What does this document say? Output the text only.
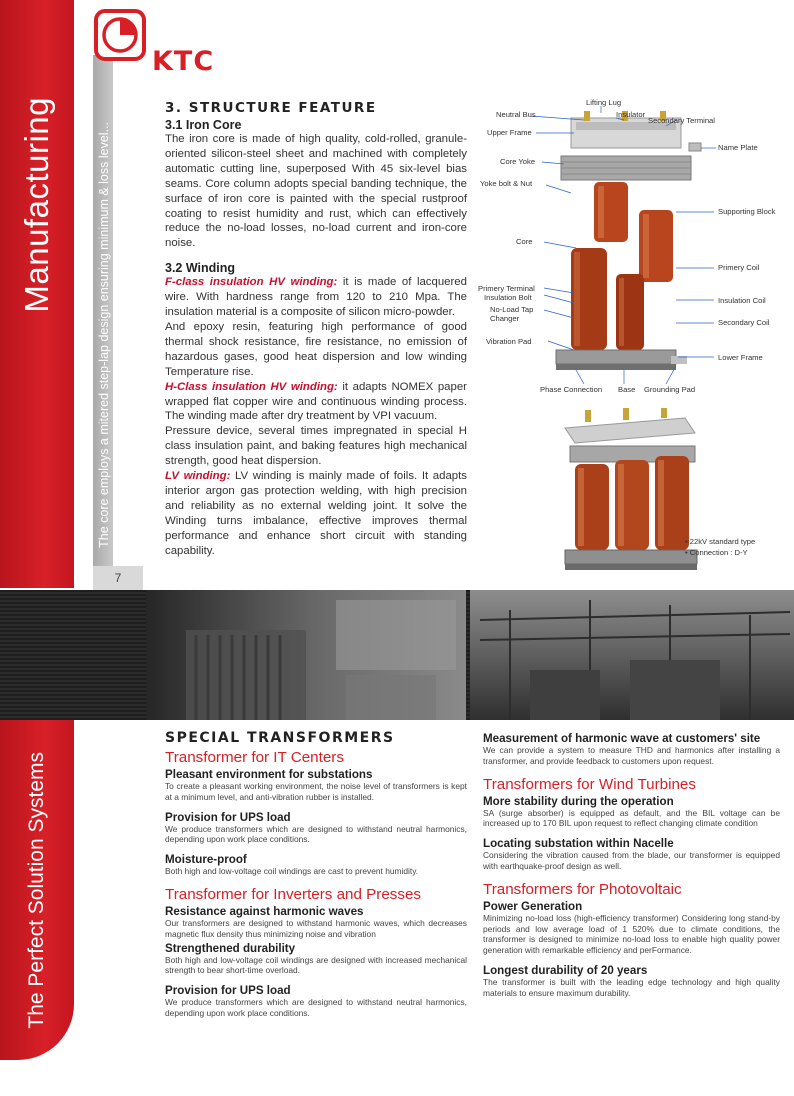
Manufacturing	The core employs a mitered step-lap design ensuring minimum & loss level...
7
KTC

3. STRUCTURE FEATURE

3.1 Iron Core

The iron core is made of high quality, cold-rolled, granule-oriented silicon-steel sheet and machined with completely automatic cutting line, superposed With 45 six-level bias seams. Core column adopts special banding technique, the surface of iron core is painted with the special rustproof coating to resist humidity and rust, which can effectively reduce the no-load losses, no-load current and iron-core noise.

3.2 Winding

F-class insulation HV winding: it is made of lacquered wire. With hardness range from 120 to 210 Mpa. The insulation material is a composite of silicon micro-powder.

And epoxy resin, featuring high performance of good thermal shock resistance, fire resistance, no emission of hazardous gases, good heat dispersion and low winding Temperature rise.

H-Class insulation HV winding: it adapts NOMEX paper wrapped flat copper wire and continuous winding process. The winding made after dry treatment by VPI vacuum.

Pressure device, several times impregnated in special H class insulation paint, and baking features high mechanical strength, good heat dispersion.

LV winding: LV winding is mainly made of foils. It adapts interior argon gas protection welding, with high precision and reliability as no external welding joint. It solve the Winding turns imbalance, effective improves thermal performance and enhance short circuit with standing capability.

Lifting Lug
Neutral Bus	Insulator
Secondary Terminal
Upper Frame
Name Plate
Core Yoke
Yoke bolt & Nut
Supporting Block
Core
Primery Coil
Primery Terminal
Insulation Bolt	Insulation Coil
No-Load Tap
Changer	Secondary Coil
Vibration Pad
Lower Frame
Phase Connection Base Grounding Pad
• 22kV standard type
• Connection : D-Y
The Perfect Solution Systems

SPECIAL TRANSFORMERS

Transformer for IT Centers

Pleasant environment for substations

To create a pleasant working environment, the noise level of transformers is kept at a minimum level, and anti-vibration rubber is installed.

Provision for UPS load

We produce transformers which are designed to withstand neutral harmonics, depending upon work place conditions.

Moisture-proof

Both high and low-voltage coil windings are cast to prevent humidity.

Transformer for Inverters and Presses

Resistance against harmonic waves

Our transformers are designed to withstand harmonic waves, which decreases magnetic flux density thus minimizing noise and vibration

Strengthened durability

Both high and low-voltage coil windings are designed with increased mechanical strength to bear short-time overload.

Provision for UPS load

We produce transformers which are designed to withstand neutral harmonics, depending upon work place conditions.

Measurement of harmonic wave at customers' site

We can provide a system to measure THD and harmonics after installing a transformer, and provide feedback to customers upon request.

Transformers for Wind Turbines

More stability during the operation

SA (surge absorber) is equipped as default, and the BIL voltage can be increased up to 170 BIL upon request to reflect changing climate condition

Locating substation within Nacelle

Considering the vibration caused from the blade, our transformer is equipped with earthquake-proof design as well.

Transformers for Photovoltaic

Power Generation

Minimizing no-load loss (high-efficiency transformer) Considering long stand-by periods and low average load of 1 520% due to climate conditions, the transformer is designed to minimize no-load loss to enable high quality power generation with remarkable efficiency and perFormance.

Longest durability of 20 years

The transformer is built with the leading edge technology and high quality materials to ensure maximum durability.
